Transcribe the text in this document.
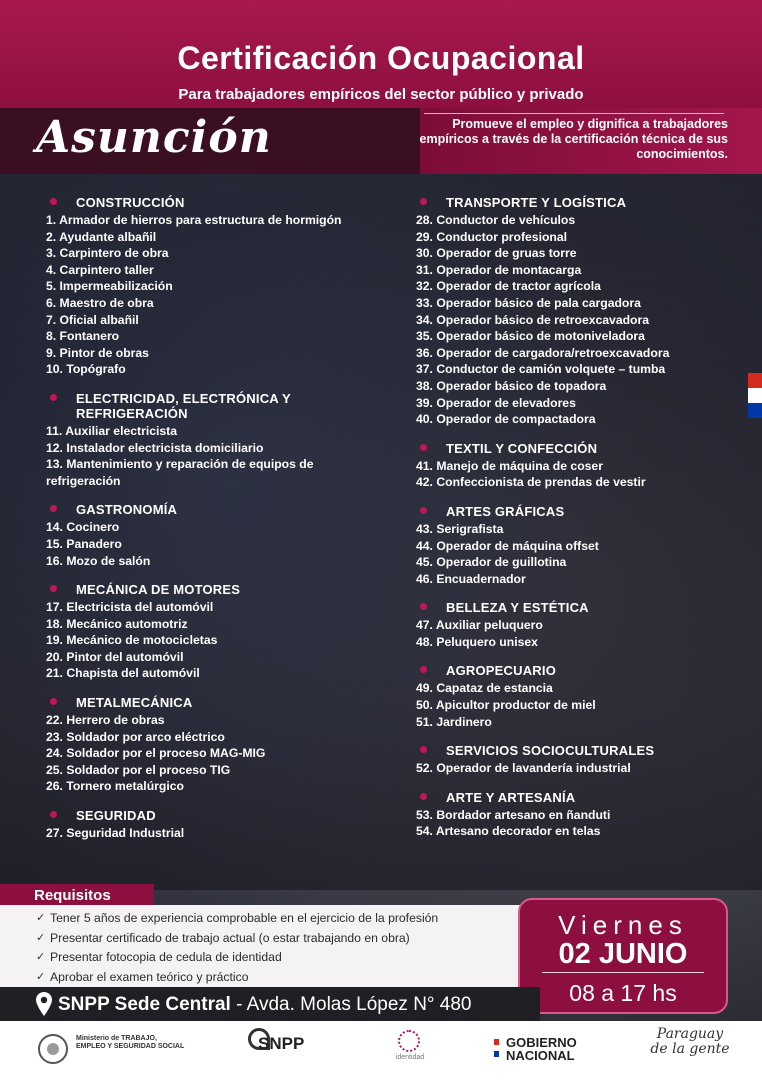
Certificación Ocupacional
Para trabajadores empíricos del sector público y privado
Asunción	Promueve el empleo y dignifica a trabajadores empíricos a través de la certificación técnica de sus conocimientos.
CONSTRUCCIÓN
1. Armador de hierros para estructura de hormigón
2. Ayudante albañil
3. Carpintero de obra
4. Carpintero taller
5. Impermeabilización
6. Maestro de obra
7. Oficial albañil
8. Fontanero
9. Pintor de obras
10. Topógrafo
ELECTRICIDAD, ELECTRÓNICA Y REFRIGERACIÓN
11. Auxiliar electricista
12. Instalador electricista domiciliario
13. Mantenimiento y reparación de equipos de refrigeración
GASTRONOMÍA
14. Cocinero
15. Panadero
16. Mozo de salón
MECÁNICA DE MOTORES
17. Electricista del automóvil
18. Mecánico automotriz
19. Mecánico de motocicletas
20. Pintor del automóvil
21. Chapista del automóvil
METALMECÁNICA
22. Herrero de obras
23. Soldador por arco eléctrico
24. Soldador por el proceso MAG-MIG
25. Soldador por el proceso TIG
26. Tornero metalúrgico
SEGURIDAD
27. Seguridad Industrial
TRANSPORTE Y LOGÍSTICA
28. Conductor de vehículos
29. Conductor profesional
30. Operador de gruas torre
31. Operador de montacarga
32. Operador de tractor agrícola
33. Operador básico de pala cargadora
34. Operador básico de retroexcavadora
35. Operador básico de motoniveladora
36. Operador de cargadora/retroexcavadora
37. Conductor de camión volquete – tumba
38. Operador básico de topadora
39. Operador de elevadores
40. Operador de compactadora
TEXTIL Y CONFECCIÓN
41. Manejo de máquina de coser
42. Confeccionista de prendas de vestir
ARTES GRÁFICAS
43. Serigrafista
44. Operador de máquina offset
45. Operador de guillotina
46. Encuadernador
BELLEZA Y ESTÉTICA
47. Auxiliar peluquero
48. Peluquero unisex
AGROPECUARIO
49. Capataz de estancia
50. Apicultor productor de miel
51. Jardinero
SERVICIOS SOCIOCULTURALES
52. Operador de lavandería industrial
ARTE Y ARTESANÍA
53. Bordador artesano en ñanduti
54. Artesano decorador en telas
Requisitos
✓ Tener 5 años de experiencia comprobable en el ejercicio de la profesión
✓ Presentar certificado de trabajo actual (o estar trabajando en obra)
✓ Presentar fotocopia de cedula de identidad
✓ Aprobar el examen teórico y práctico
Viernes
02 JUNIO
08 a 17 hs
SNPP Sede Central - Avda. Molas López N° 480
Ministerio de TRABAJO, EMPLEO Y SEGURIDAD SOCIAL	SNPP
identidad
GOBIERNO
NACIONAL
Paraguay
de la gente
